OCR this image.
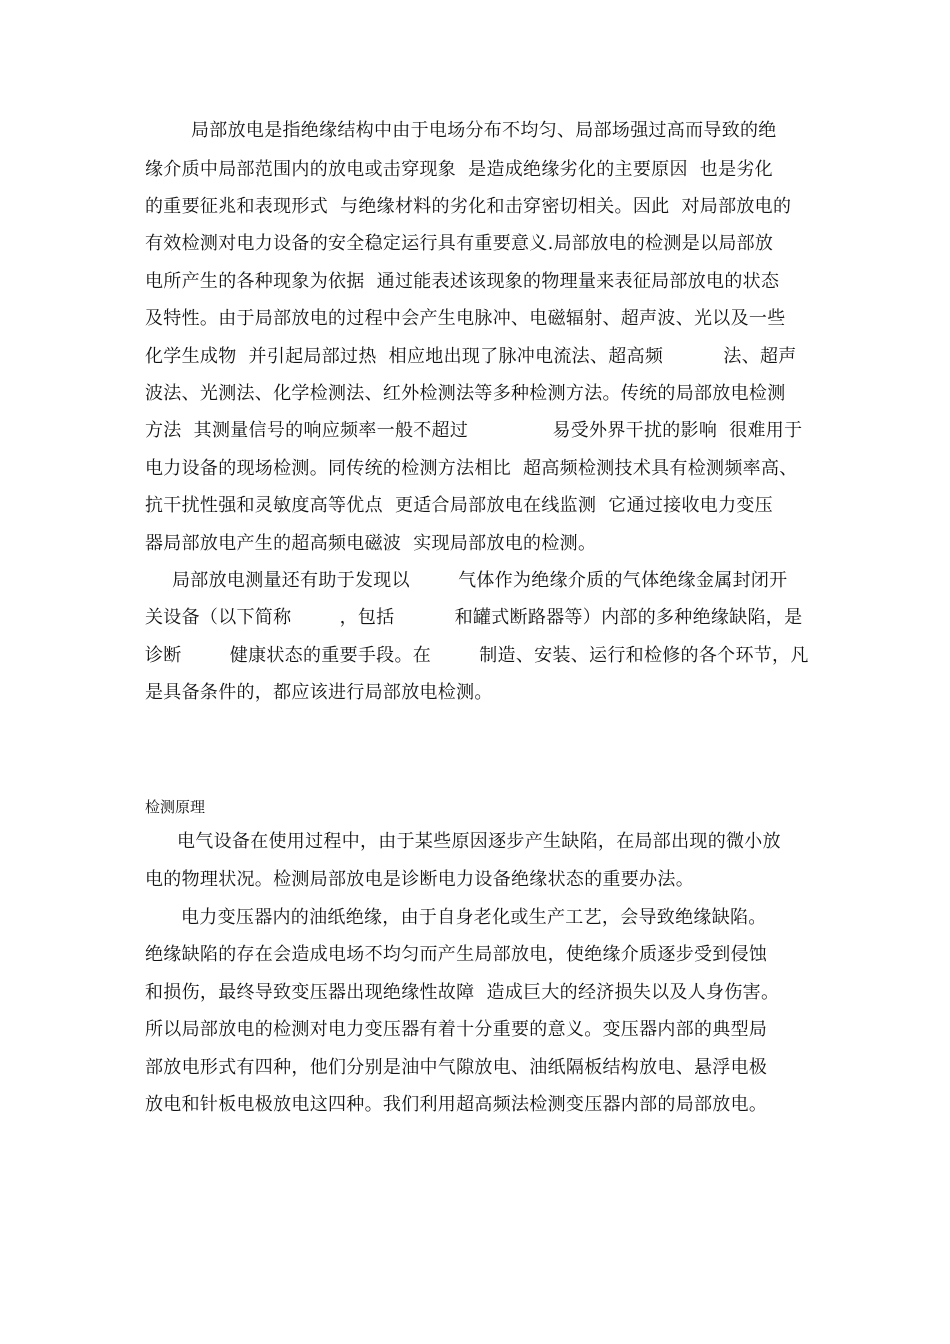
局部放电是指绝缘结构中由于电场分布不均匀、局部场强过高而导致的绝
缘介质中局部范围内的放电或击穿现象  是造成绝缘劣化的主要原因  也是劣化
的重要征兆和表现形式  与绝缘材料的劣化和击穿密切相关。因此  对局部放电的
有效检测对电力设备的安全稳定运行具有重要意义.局部放电的检测是以局部放
电所产生的各种现象为依据  通过能表述该现象的物理量来表征局部放电的状态
及特性。由于局部放电的过程中会产生电脉冲、电磁辐射、超声波、光以及一些
化学生成物  并引起局部过热  相应地出现了脉冲电流法、超高频          法、超声
波法、光测法、化学检测法、红外检测法等多种检测方法。传统的局部放电检测
方法  其测量信号的响应频率一般不超过              易受外界干扰的影响  很难用于
电力设备的现场检测。同传统的检测方法相比  超高频检测技术具有检测频率高、
抗干扰性强和灵敏度高等优点  更适合局部放电在线监测  它通过接收电力变压
器局部放电产生的超高频电磁波  实现局部放电的检测。
局部放电测量还有助于发现以        气体作为绝缘介质的气体绝缘金属封闭开
关设备（以下简称        ，包括          和罐式断路器等）内部的多种绝缘缺陷，是
诊断        健康状态的重要手段。在        制造、安装、运行和检修的各个环节，凡
是具备条件的，都应该进行局部放电检测。
检测原理
电气设备在使用过程中，由于某些原因逐步产生缺陷，在局部出现的微小放
电的物理状况。检测局部放电是诊断电力设备绝缘状态的重要办法。
电力变压器内的油纸绝缘，由于自身老化或生产工艺，会导致绝缘缺陷。
绝缘缺陷的存在会造成电场不均匀而产生局部放电，使绝缘介质逐步受到侵蚀
和损伤，最终导致变压器出现绝缘性故障  造成巨大的经济损失以及人身伤害。
所以局部放电的检测对电力变压器有着十分重要的意义。变压器内部的典型局
部放电形式有四种，他们分别是油中气隙放电、油纸隔板结构放电、悬浮电极
放电和针板电极放电这四种。我们利用超高频法检测变压器内部的局部放电。
